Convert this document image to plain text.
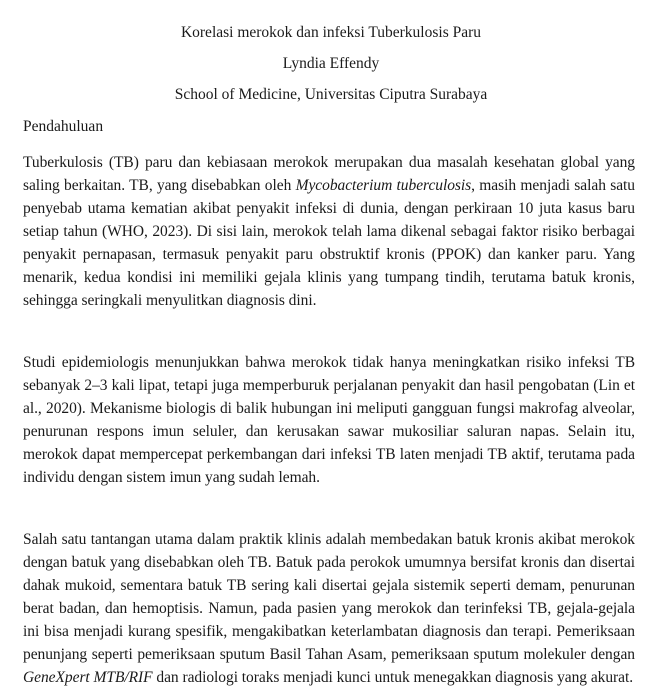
Korelasi merokok dan infeksi Tuberkulosis Paru
Lyndia Effendy
School of Medicine, Universitas Ciputra Surabaya
Pendahuluan

Tuberkulosis (TB) paru dan kebiasaan merokok merupakan dua masalah kesehatan global yang saling berkaitan. TB, yang disebabkan oleh Mycobacterium tuberculosis, masih menjadi salah satu penyebab utama kematian akibat penyakit infeksi di dunia, dengan perkiraan 10 juta kasus baru setiap tahun (WHO, 2023). Di sisi lain, merokok telah lama dikenal sebagai faktor risiko berbagai penyakit pernapasan, termasuk penyakit paru obstruktif kronis (PPOK) dan kanker paru. Yang menarik, kedua kondisi ini memiliki gejala klinis yang tumpang tindih, terutama batuk kronis, sehingga seringkali menyulitkan diagnosis dini.

Studi epidemiologis menunjukkan bahwa merokok tidak hanya meningkatkan risiko infeksi TB sebanyak 2–3 kali lipat, tetapi juga memperburuk perjalanan penyakit dan hasil pengobatan (Lin et al., 2020). Mekanisme biologis di balik hubungan ini meliputi gangguan fungsi makrofag alveolar, penurunan respons imun seluler, dan kerusakan sawar mukosiliar saluran napas. Selain itu, merokok dapat mempercepat perkembangan dari infeksi TB laten menjadi TB aktif, terutama pada individu dengan sistem imun yang sudah lemah.

Salah satu tantangan utama dalam praktik klinis adalah membedakan batuk kronis akibat merokok dengan batuk yang disebabkan oleh TB. Batuk pada perokok umumnya bersifat kronis dan disertai dahak mukoid, sementara batuk TB sering kali disertai gejala sistemik seperti demam, penurunan berat badan, dan hemoptisis. Namun, pada pasien yang merokok dan terinfeksi TB, gejala-gejala ini bisa menjadi kurang spesifik, mengakibatkan keterlambatan diagnosis dan terapi. Pemeriksaan penunjang seperti pemeriksaan sputum Basil Tahan Asam, pemeriksaan sputum molekuler dengan GeneXpert MTB/RIF dan radiologi toraks menjadi kunci untuk menegakkan diagnosis yang akurat.
